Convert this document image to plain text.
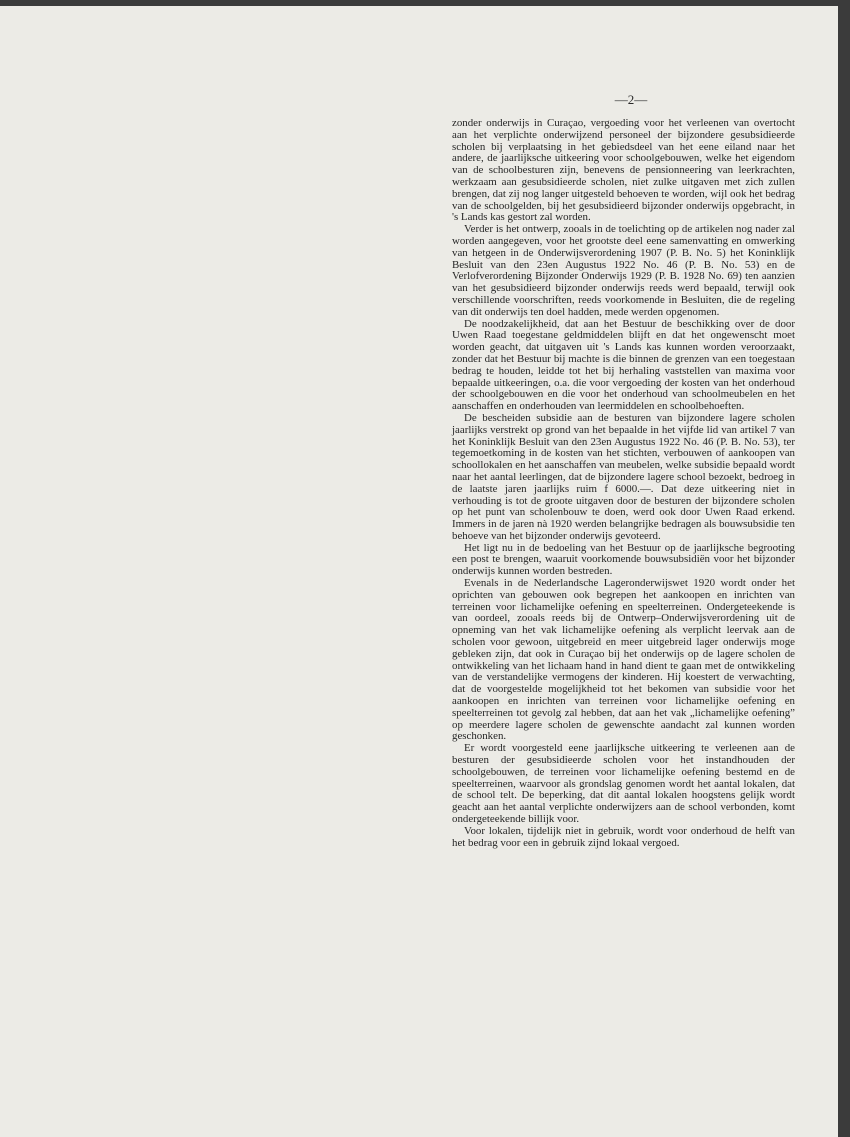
—2—

zonder onderwijs in Curaçao, vergoeding voor het verleenen van overtocht aan het verplichte onderwijzend personeel der bijzondere gesubsidieerde scholen bij verplaatsing in het gebiedsdeel van het eene eiland naar het andere, de jaarlijksche uitkeering voor schoolgebouwen, welke het eigendom van de schoolbesturen zijn, benevens de pensionneering van leerkrachten, werkzaam aan gesubsidieerde scholen, niet zulke uitgaven met zich zullen brengen, dat zij nog langer uitgesteld behoeven te worden, wijl ook het bedrag van de schoolgelden, bij het gesubsidieerd bijzonder onderwijs opgebracht, in 's Lands kas gestort zal worden.

Verder is het ontwerp, zooals in de toelichting op de artikelen nog nader zal worden aangegeven, voor het grootste deel eene samenvatting en omwerking van hetgeen in de Onderwijsverordening 1907 (P. B. No. 5) het Koninklijk Besluit van den 23en Augustus 1922 No. 46 (P. B. No. 53) en de Verlofverordening Bijzonder Onderwijs 1929 (P. B. 1928 No. 69) ten aanzien van het gesubsidieerd bijzonder onderwijs reeds werd bepaald, terwijl ook verschillende voorschriften, reeds voorkomende in Besluiten, die de regeling van dit onderwijs ten doel hadden, mede werden opgenomen.

De noodzakelijkheid, dat aan het Bestuur de beschikking over de door Uwen Raad toegestane geldmiddelen blijft en dat het ongewenscht moet worden geacht, dat uitgaven uit 's Lands kas kunnen worden veroorzaakt, zonder dat het Bestuur bij machte is die binnen de grenzen van een toegestaan bedrag te houden, leidde tot het bij herhaling vaststellen van maxima voor bepaalde uitkeeringen, o.a. die voor vergoeding der kosten van het onderhoud der schoolgebouwen en die voor het onderhoud van schoolmeubelen en het aanschaffen en onderhouden van leermiddelen en schoolbehoeften.

De bescheiden subsidie aan de besturen van bijzondere lagere scholen jaarlijks verstrekt op grond van het bepaalde in het vijfde lid van artikel 7 van het Koninklijk Besluit van den 23en Augustus 1922 No. 46 (P. B. No. 53), ter tegemoetkoming in de kosten van het stichten, verbouwen of aankoopen van schoollokalen en het aanschaffen van meubelen, welke subsidie bepaald wordt naar het aantal leerlingen, dat de bijzondere lagere school bezoekt, bedroeg in de laatste jaren jaarlijks ruim f 6000.—. Dat deze uitkeering niet in verhouding is tot de groote uitgaven door de besturen der bijzondere scholen op het punt van scholenbouw te doen, werd ook door Uwen Raad erkend. Immers in de jaren nà 1920 werden belangrijke bedragen als bouwsubsidie ten behoeve van het bijzonder onderwijs gevoteerd.

Het ligt nu in de bedoeling van het Bestuur op de jaarlijksche begrooting een post te brengen, waaruit voorkomende bouwsubsidiën voor het bijzonder onderwijs kunnen worden bestreden.

Evenals in de Nederlandsche Lageronderwijswet 1920 wordt onder het oprichten van gebouwen ook begrepen het aankoopen en inrichten van terreinen voor lichamelijke oefening en speelterreinen. Ondergeteekende is van oordeel, zooals reeds bij de Ontwerp–Onderwijsverordening uit de opneming van het vak lichamelijke oefening als verplicht leervak aan de scholen voor gewoon, uitgebreid en meer uitgebreid lager onderwijs moge gebleken zijn, dat ook in Curaçao bij het onderwijs op de lagere scholen de ontwikkeling van het lichaam hand in hand dient te gaan met de ontwikkeling van de verstandelijke vermogens der kinderen. Hij koestert de verwachting, dat de voorgestelde mogelijkheid tot het bekomen van subsidie voor het aankoopen en inrichten van terreinen voor lichamelijke oefening en speelterreinen tot gevolg zal hebben, dat aan het vak „lichamelijke oefening” op meerdere lagere scholen de gewenschte aandacht zal kunnen worden geschonken.

Er wordt voorgesteld eene jaarlijksche uitkeering te verleenen aan de besturen der gesubsidieerde scholen voor het instandhouden der schoolgebouwen, de terreinen voor lichamelijke oefening bestemd en de speelterreinen, waarvoor als grondslag genomen wordt het aantal lokalen, dat de school telt. De beperking, dat dit aantal lokalen hoogstens gelijk wordt geacht aan het aantal verplichte onderwijzers aan de school verbonden, komt ondergeteekende billijk voor.

Voor lokalen, tijdelijk niet in gebruik, wordt voor onderhoud de helft van het bedrag voor een in gebruik zijnd lokaal vergoed.
